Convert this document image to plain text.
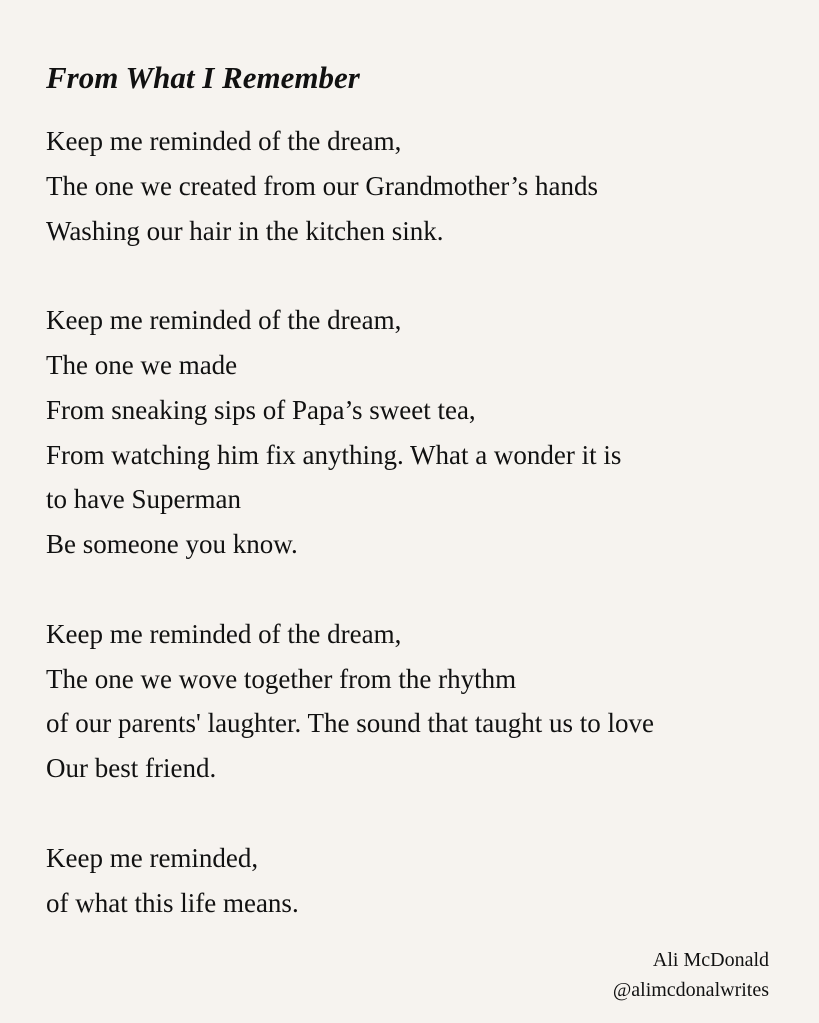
From What I Remember

Keep me reminded of the dream,
The one we created from our Grandmother’s hands
Washing our hair in the kitchen sink.

Keep me reminded of the dream,
The one we made
From sneaking sips of Papa’s sweet tea,
From watching him fix anything. What a wonder it is
to have Superman
Be someone you know.

Keep me reminded of the dream,
The one we wove together from the rhythm
of our parents' laughter. The sound that taught us to love
Our best friend.

Keep me reminded,
of what this life means.

Ali McDonald
@alimcdonalwrites
